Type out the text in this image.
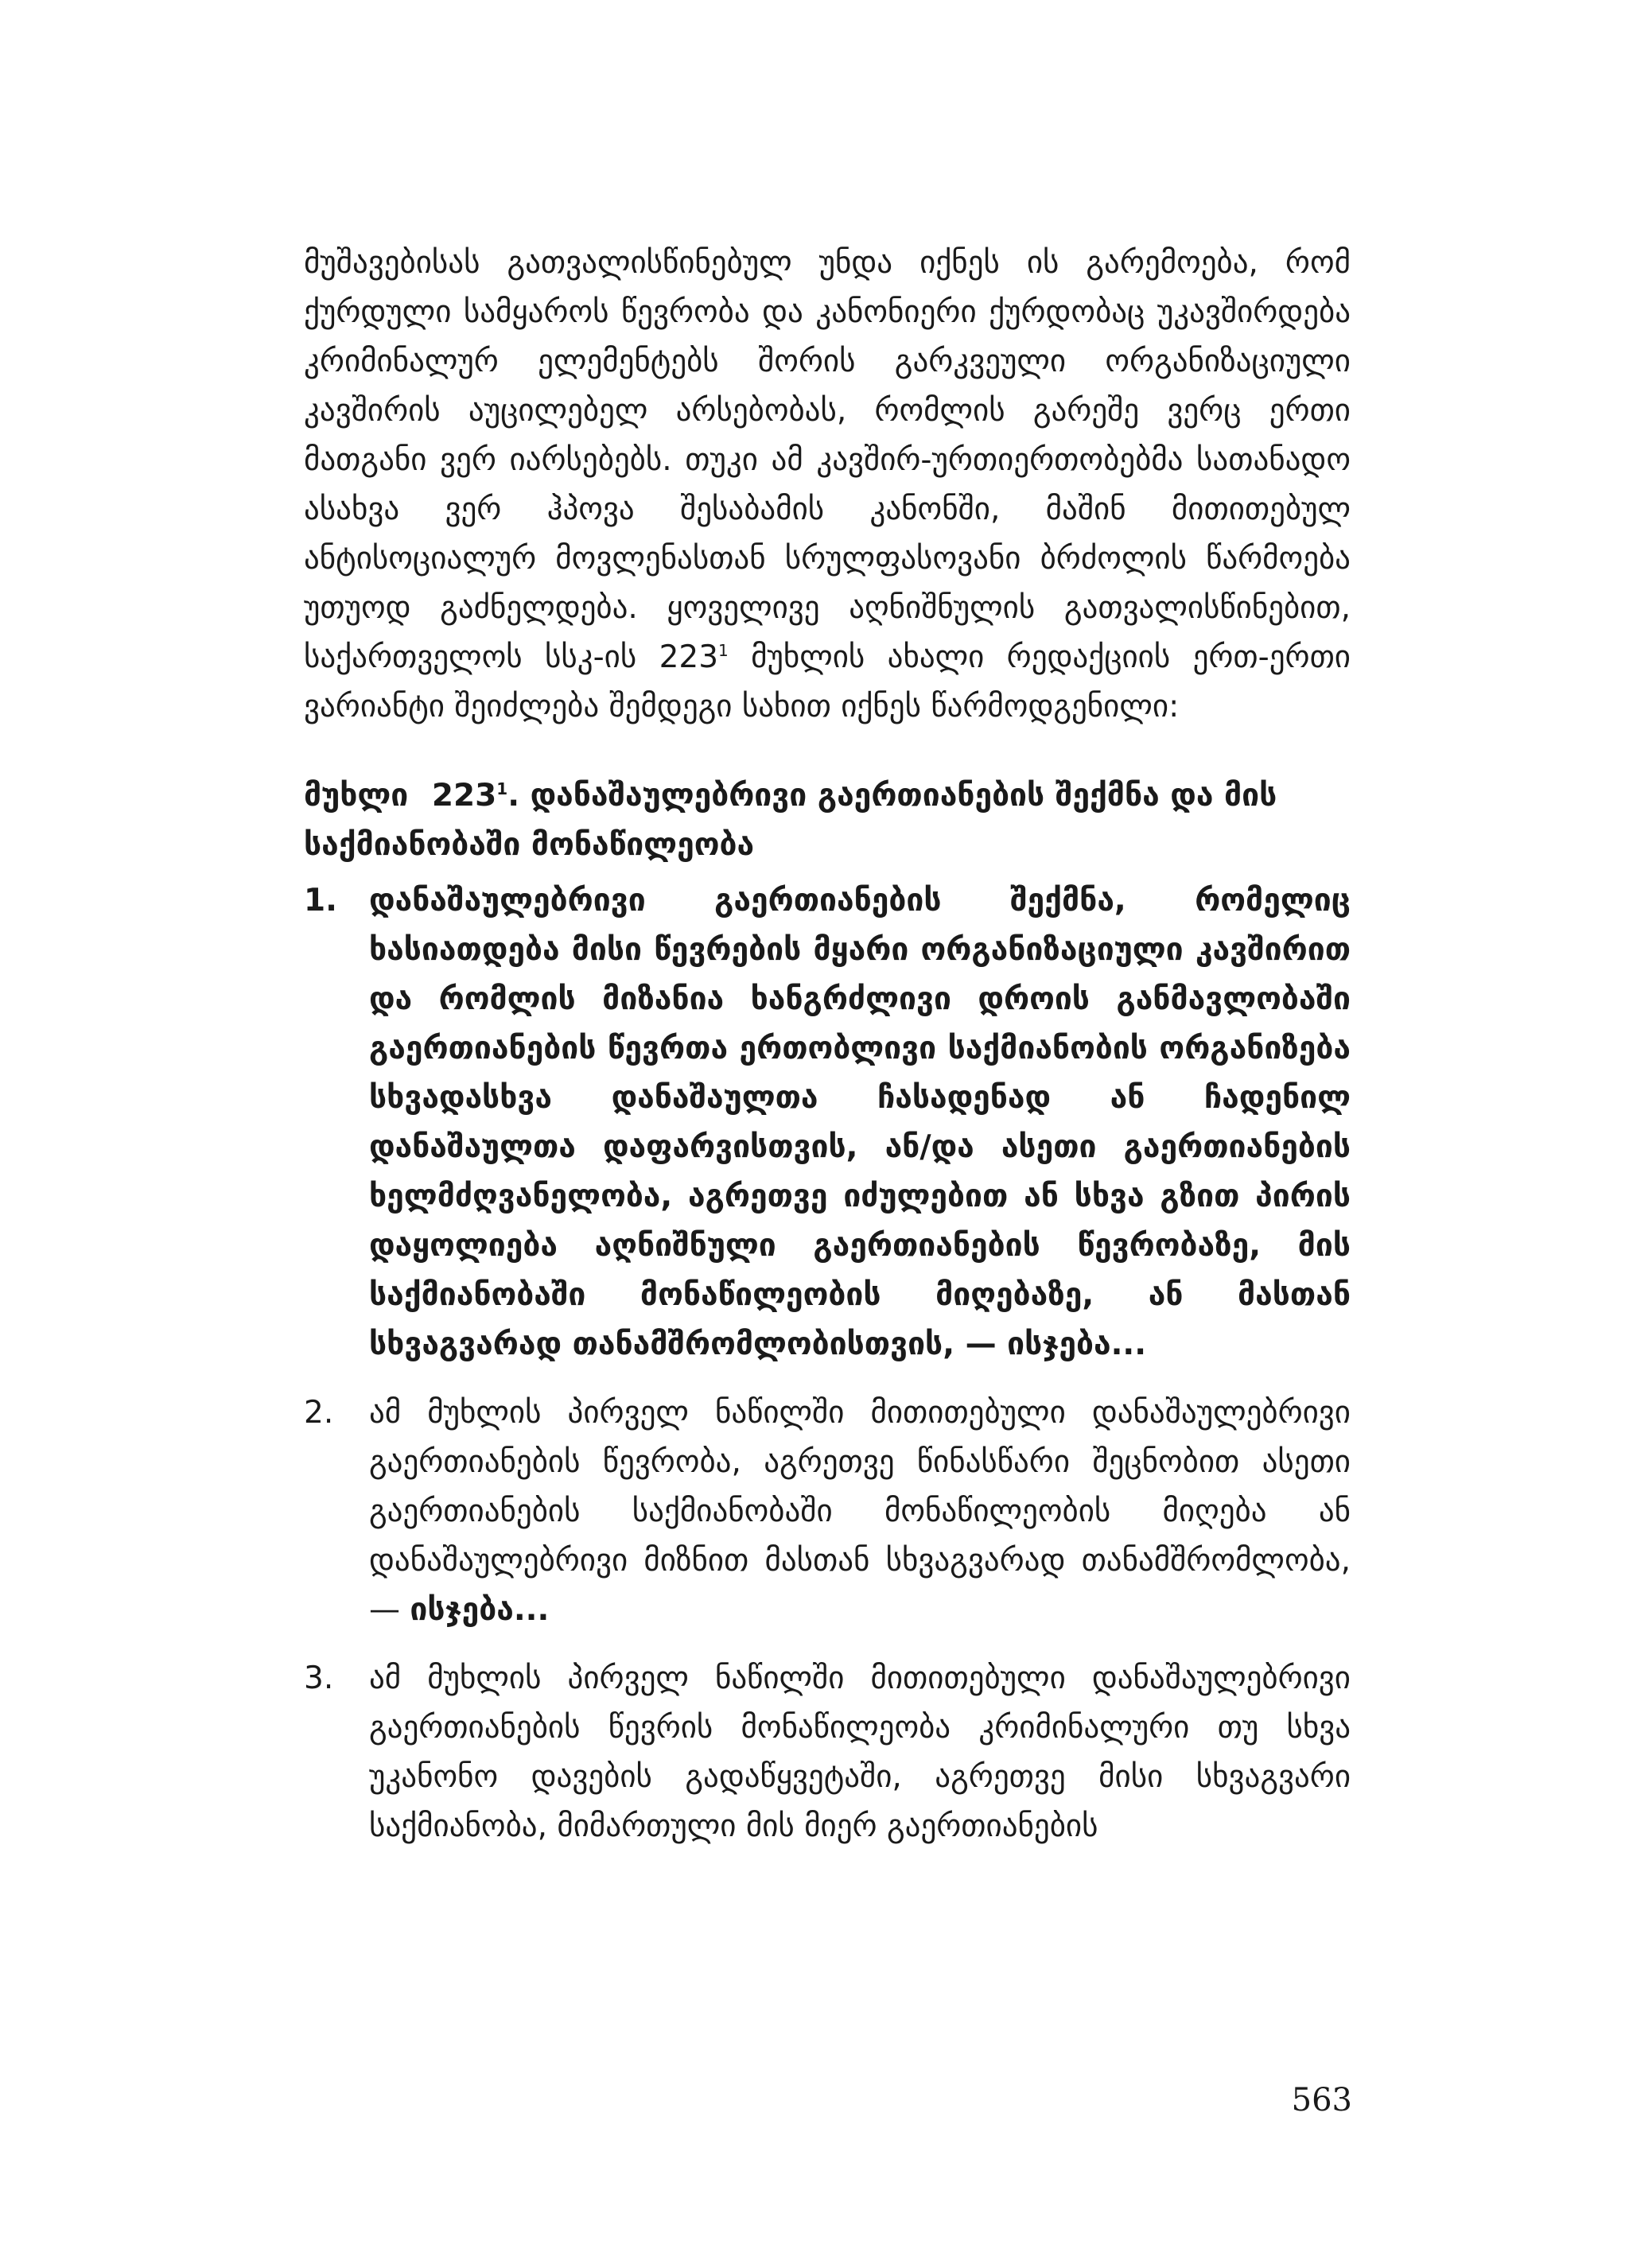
მუშავებისას გათვალისწინებულ უნდა იქნეს ის გარემოება, რომ ქურდული სამყაროს წევრობა და კანონიერი ქურდობაც უკავშირდება კრიმინალურ ელემენტებს შორის გარკვეული ორგანიზაციული კავშირის აუცილებელ არსებობას, რომლის გარეშე ვერც ერთი მათგანი ვერ იარსებებს. თუკი ამ კავშირ-ურთიერთობებმა სათანადო ასახვა ვერ ჰპოვა შესაბამის კანონში, მაშინ მითითებულ ანტისოციალურ მოვლენასთან სრულფასოვანი ბრძოლის წარმოება უთუოდ გაძნელდება. ყოველივე აღნიშნულის გათვალისწინებით, საქართველოს სსკ-ის $223^1$ მუხლის ახალი რედაქციის ერთ-ერთი ვარიანტი შეიძლება შემდეგი სახით იქნეს წარმოდგენილი:

მუხლი $223^1$. დანაშაულებრივი გაერთიანების შექმნა და მის საქმიანობაში მონაწილეობა
1. დანაშაულებრივი გაერთიანების შექმნა, რომელიც ხასიათდება მისი წევრების მყარი ორგანიზაციული კავშირით და რომლის მიზანია ხანგრძლივი დროის განმავლობაში გაერთიანების წევრთა ერთობლივი საქმიანობის ორგანიზება სხვადასხვა დანაშაულთა ჩასადენად ან ჩადენილ დანაშაულთა დაფარვისთვის, ან/და ასეთი გაერთიანების ხელმძღვანელობა, აგრეთვე იძულებით ან სხვა გზით პირის დაყოლიება აღნიშნული გაერთიანების წევრობაზე, მის საქმიანობაში მონაწილეობის მიღებაზე, ან მასთან სხვაგვარად თანამშრომლობისთვის, — ისჯება...
2. ამ მუხლის პირველ ნაწილში მითითებული დანაშაულებრივი გაერთიანების წევრობა, აგრეთვე წინასწარი შეცნობით ასეთი გაერთიანების საქმიანობაში მონაწილეობის მიღება ან დანაშაულებრივი მიზნით მასთან სხვაგვარად თანამშრომლობა, — ისჯება...
3. ამ მუხლის პირველ ნაწილში მითითებული დანაშაულებრივი გაერთიანების წევრის მონაწილეობა კრიმინალური თუ სხვა უკანონო დავების გადაწყვეტაში, აგრეთვე მისი სხვაგვარი საქმიანობა, მიმართული მის მიერ გაერთიანების
563
